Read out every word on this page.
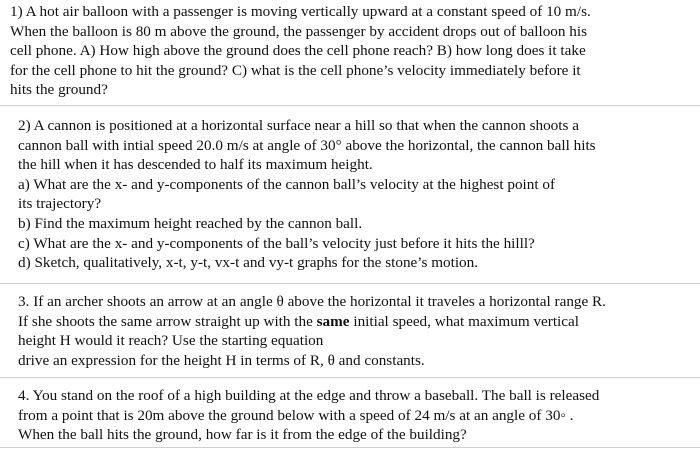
1) A hot air balloon with a passenger is moving vertically upward at a constant speed of 10 m/s.
When the balloon is 80 m above the ground, the passenger by accident drops out of balloon his
cell phone. A) How high above the ground does the cell phone reach? B) how long does it take
for the cell phone to hit the ground? C) what is the cell phone’s velocity immediately before it
hits the ground?
2) A cannon is positioned at a horizontal surface near a hill so that when the cannon shoots a
cannon ball with intial speed 20.0 m/s at angle of 30° above the horizontal, the cannon ball hits
the hill when it has descended to half its maximum height.
a) What are the x- and y-components of the cannon ball’s velocity at the highest point of
its trajectory?
b) Find the maximum height reached by the cannon ball.
c) What are the x- and y-components of the ball’s velocity just before it hits the hilll?
d) Sketch, qualitatively, x-t, y-t, vx-t and vy-t graphs for the stone’s motion.
3. If an archer shoots an arrow at an angle θ above the horizontal it traveles a horizontal range R.
If she shoots the same arrow straight up with the same initial speed, what maximum vertical
height H would it reach? Use the starting equation
drive an expression for the height H in terms of R, θ and constants.
4. You stand on the roof of a high building at the edge and throw a baseball. The ball is released
from a point that is 20m above the ground below with a speed of 24 m/s at an angle of 30◦ .
When the ball hits the ground, how far is it from the edge of the building?
